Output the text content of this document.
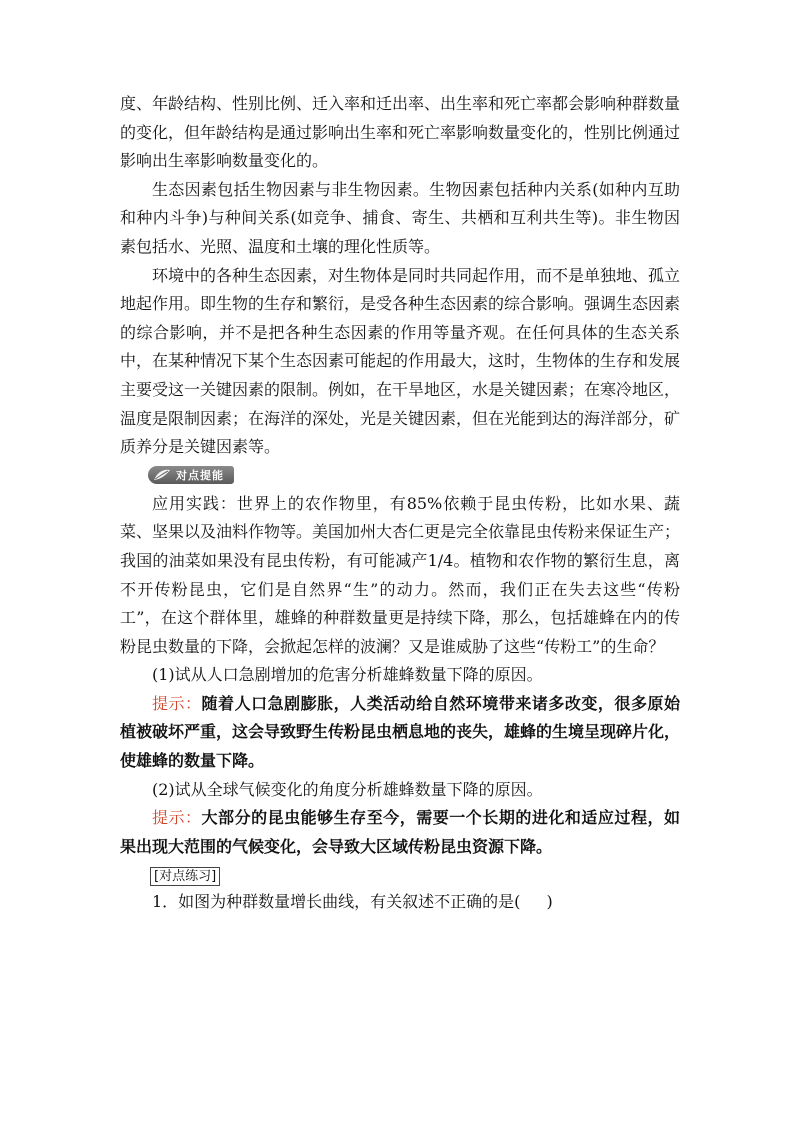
度、年龄结构、性别比例、迁入率和迁出率、出生率和死亡率都会影响种群数量的变化，但年龄结构是通过影响出生率和死亡率影响数量变化的，性别比例通过影响出生率影响数量变化的。

生态因素包括生物因素与非生物因素。生物因素包括种内关系(如种内互助和种内斗争)与种间关系(如竞争、捕食、寄生、共栖和互利共生等)。非生物因素包括水、光照、温度和土壤的理化性质等。

环境中的各种生态因素，对生物体是同时共同起作用，而不是单独地、孤立地起作用。即生物的生存和繁衍，是受各种生态因素的综合影响。强调生态因素的综合影响，并不是把各种生态因素的作用等量齐观。在任何具体的生态关系中，在某种情况下某个生态因素可能起的作用最大，这时，生物体的生存和发展主要受这一关键因素的限制。例如，在干旱地区，水是关键因素；在寒冷地区，温度是限制因素；在海洋的深处，光是关键因素，但在光能到达的海洋部分，矿质养分是关键因素等。

对点提能

应用实践：世界上的农作物里，有85%依赖于昆虫传粉，比如水果、蔬菜、坚果以及油料作物等。美国加州大杏仁更是完全依靠昆虫传粉来保证生产；我国的油菜如果没有昆虫传粉，有可能减产1/4。植物和农作物的繁衍生息，离不开传粉昆虫，它们是自然界“生”的动力。然而，我们正在失去这些“传粉工”，在这个群体里，雄蜂的种群数量更是持续下降，那么，包括雄蜂在内的传粉昆虫数量的下降，会掀起怎样的波澜？又是谁威胁了这些“传粉工”的生命？

(1)试从人口急剧增加的危害分析雄蜂数量下降的原因。

提示：随着人口急剧膨胀，人类活动给自然环境带来诸多改变，很多原始植被破坏严重，这会导致野生传粉昆虫栖息地的丧失，雄蜂的生境呈现碎片化，使雄蜂的数量下降。

(2)试从全球气候变化的角度分析雄蜂数量下降的原因。

提示：大部分的昆虫能够生存至今，需要一个长期的进化和适应过程，如果出现大范围的气候变化，会导致大区域传粉昆虫资源下降。

[对点练习]

1．如图为种群数量增长曲线，有关叙述不正确的是( )
